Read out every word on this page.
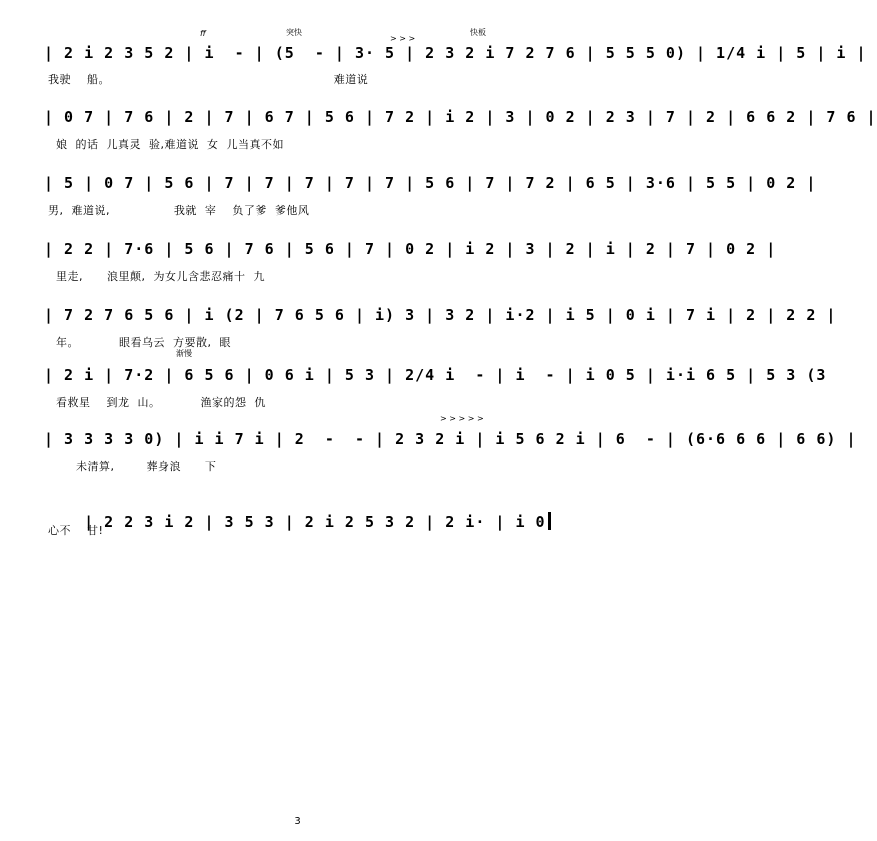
ff	突快
> > >
快板
| 2 i 2 3 5 2 | i  - | (5  - | 3· 5 | 2 3 2 i 7 2 7 6 | 5 5 5 0) | 1/4 i | 5 | i |
我驶    船。                                                        难道说
| 0 7 | 7 6 | 2 | 7 | 6 7 | 5 6 | 7 2 | i 2 | 3 | 0 2 | 2 3 | 7 | 2 | 6 6 2 | 7 6 |
娘  的话  儿真灵  验,难道说  女  儿当真不如
| 5 | 0 7 | 5 6 | 7 | 7 | 7 | 7 | 7 | 5 6 | 7 | 7 2 | 6 5 | 3·6 | 5 5 | 0 2 |
男,  难道说,                我就  宰    负了爹  爹他风
| 2 2 | 7·6 | 5 6 | 7 6 | 5 6 | 7 | 0 2 | i 2 | 3 | 2 | i | 2 | 7 | 0 2 |
里走,      浪里颠,  为女儿含悲忍痛十  九
| 7 2 7 6 5 6 | i (2 | 7 6 5 6 | i) 3 | 3 2 | i·2 | i 5 | 0 i | 7 i | 2 | 2 2 |
年。          眼看乌云  方要散,  眼
渐慢
| 2 i | 7·2 | 6 5 6 | 0 6 i | 5 3 | 2/4 i  - | i  - | i 0 5 | i·i 6 5 | 5 3 (3
看救星    到龙  山。          渔家的怨  仇
> > > > >
| 3 3 3 3 0) | i i 7 i | 2  -  - | 2 3 2 i | i 5 6 2 i | 6  - | (6·6 6 6 | 6 6) |
未清算,        葬身浪      下

| 2 2 3 i 2 | 3 5 3 | 2 i 2 5 3 2 | 2 i· | i 0

心不    甘!
3
